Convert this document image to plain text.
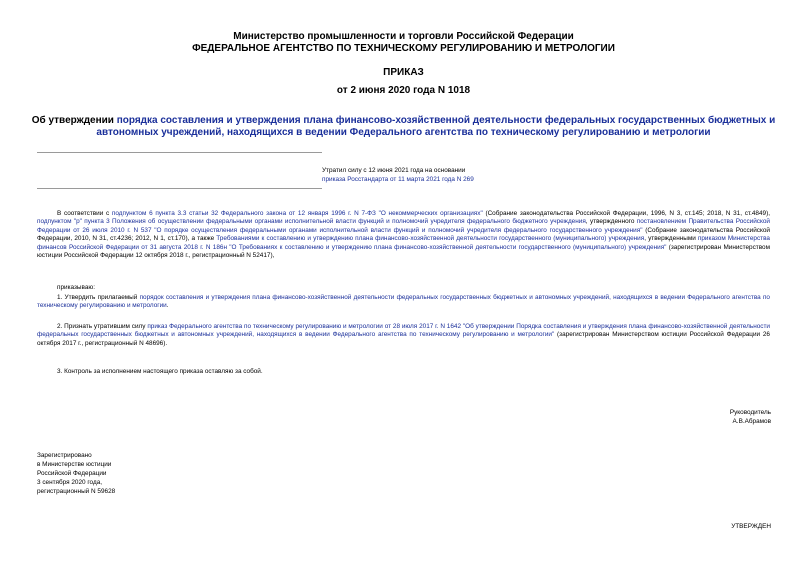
Министерство промышленности и торговли Российской Федерации
ФЕДЕРАЛЬНОЕ АГЕНТСТВО ПО ТЕХНИЧЕСКОМУ РЕГУЛИРОВАНИЮ И МЕТРОЛОГИИ
ПРИКАЗ
от 2 июня 2020 года N 1018
Об утверждении порядка составления и утверждения плана финансово-хозяйственной деятельности федеральных государственных бюджетных и автономных учреждений, находящихся в ведении Федерального агентства по техническому регулированию и метрологии
Утратил силу с 12 июня 2021 года на основании
приказа Росстандарта от 11 марта 2021 года N 269
В соответствии с подпунктом 6 пункта 3.3 статьи 32 Федерального закона от 12 января 1996 г. N 7-ФЗ "О некоммерческих организациях" (Собрание законодательства Российской Федерации, 1996, N 3, ст.145; 2018, N 31, ст.4849), подпунктом "р" пункта 3 Положения об осуществлении федеральными органами исполнительной власти функций и полномочий учредителя федерального бюджетного учреждения, утвержденного постановлением Правительства Российской Федерации от 26 июля 2010 г. N 537 "О порядке осуществления федеральными органами исполнительной власти функций и полномочий учредителя федерального государственного учреждения" (Собрание законодательства Российской Федерации, 2010, N 31, ст.4236; 2012, N 1, ст.170), а также Требованиями к составлению и утверждению плана финансово-хозяйственной деятельности государственного (муниципального) учреждения, утвержденными приказом Министерства финансов Российской Федерации от 31 августа 2018 г. N 186н "О Требованиях к составлению и утверждению плана финансово-хозяйственной деятельности государственного (муниципального) учреждения" (зарегистрирован Министерством юстиции Российской Федерации 12 октября 2018 г., регистрационный N 52417),
приказываю:
1. Утвердить прилагаемый порядок составления и утверждения плана финансово-хозяйственной деятельности федеральных государственных бюджетных и автономных учреждений, находящихся в ведении Федерального агентства по техническому регулированию и метрологии.
2. Признать утратившим силу приказ Федерального агентства по техническому регулированию и метрологии от 28 июля 2017 г. N 1642 "Об утверждении Порядка составления и утверждения плана финансово-хозяйственной деятельности федеральных государственных бюджетных и автономных учреждений, находящихся в ведении Федерального агентства по техническому регулированию и метрологии" (зарегистрирован Министерством юстиции Российской Федерации 26 октября 2017 г., регистрационный N 48696).
3. Контроль за исполнением настоящего приказа оставляю за собой.
Руководитель
А.В.Абрамов
Зарегистрировано
в Министерстве юстиции
Российской Федерации
3 сентября 2020 года,
регистрационный N 59628
УТВЕРЖДЕН
